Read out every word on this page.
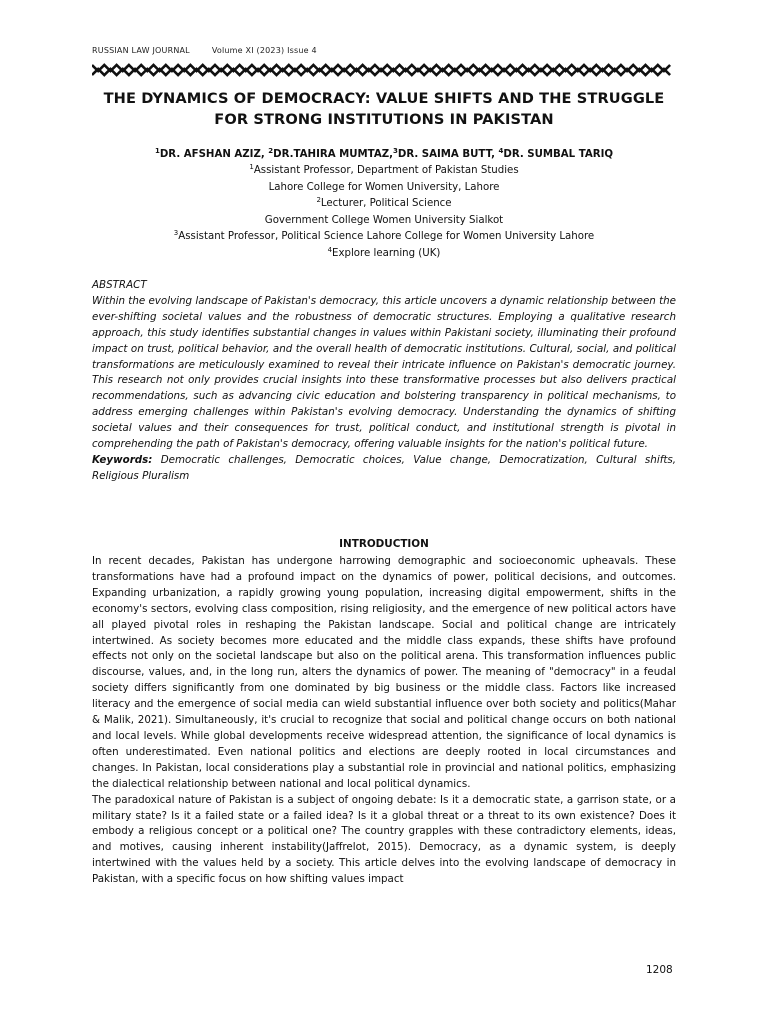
RUSSIAN LAW JOURNAL	Volume XI (2023) Issue 4
THE DYNAMICS OF DEMOCRACY: VALUE SHIFTS AND THE STRUGGLE
FOR STRONG INSTITUTIONS IN PAKISTAN
$^1$DR. AFSHAN AZIZ, $^2$DR.TAHIRA MUMTAZ,$^3$DR. SAIMA BUTT, $^4$DR. SUMBAL TARIQ
$^1$Assistant Professor, Department of Pakistan Studies
Lahore College for Women University, Lahore
$^2$Lecturer, Political Science
Government College Women University Sialkot
$^3$Assistant Professor, Political Science Lahore College for Women University Lahore
$^4$Explore learning (UK)
ABSTRACT
Within the evolving landscape of Pakistan's democracy, this article uncovers a dynamic relationship between the ever-shifting societal values and the robustness of democratic structures. Employing a qualitative research approach, this study identifies substantial changes in values within Pakistani society, illuminating their profound impact on trust, political behavior, and the overall health of democratic institutions. Cultural, social, and political transformations are meticulously examined to reveal their intricate influence on Pakistan's democratic journey. This research not only provides crucial insights into these transformative processes but also delivers practical recommendations, such as advancing civic education and bolstering transparency in political mechanisms, to address emerging challenges within Pakistan's evolving democracy. Understanding the dynamics of shifting societal values and their consequences for trust, political conduct, and institutional strength is pivotal in comprehending the path of Pakistan's democracy, offering valuable insights for the nation's political future.
Keywords: Democratic challenges, Democratic choices, Value change, Democratization, Cultural shifts, Religious Pluralism
INTRODUCTION

In recent decades, Pakistan has undergone harrowing demographic and socioeconomic upheavals. These transformations have had a profound impact on the dynamics of power, political decisions, and outcomes. Expanding urbanization, a rapidly growing young population, increasing digital empowerment, shifts in the economy's sectors, evolving class composition, rising religiosity, and the emergence of new political actors have all played pivotal roles in reshaping the Pakistan landscape. Social and political change are intricately intertwined. As society becomes more educated and the middle class expands, these shifts have profound effects not only on the societal landscape but also on the political arena. This transformation influences public discourse, values, and, in the long run, alters the dynamics of power. The meaning of "democracy" in a feudal society differs significantly from one dominated by big business or the middle class. Factors like increased literacy and the emergence of social media can wield substantial influence over both society and politics(Mahar & Malik, 2021). Simultaneously, it's crucial to recognize that social and political change occurs on both national and local levels. While global developments receive widespread attention, the significance of local dynamics is often underestimated. Even national politics and elections are deeply rooted in local circumstances and changes. In Pakistan, local considerations play a substantial role in provincial and national politics, emphasizing the dialectical relationship between national and local political dynamics.

The paradoxical nature of Pakistan is a subject of ongoing debate: Is it a democratic state, a garrison state, or a military state? Is it a failed state or a failed idea? Is it a global threat or a threat to its own existence? Does it embody a religious concept or a political one? The country grapples with these contradictory elements, ideas, and motives, causing inherent instability(Jaffrelot, 2015). Democracy, as a dynamic system, is deeply intertwined with the values held by a society. This article delves into the evolving landscape of democracy in Pakistan, with a specific focus on how shifting values impact

1208
